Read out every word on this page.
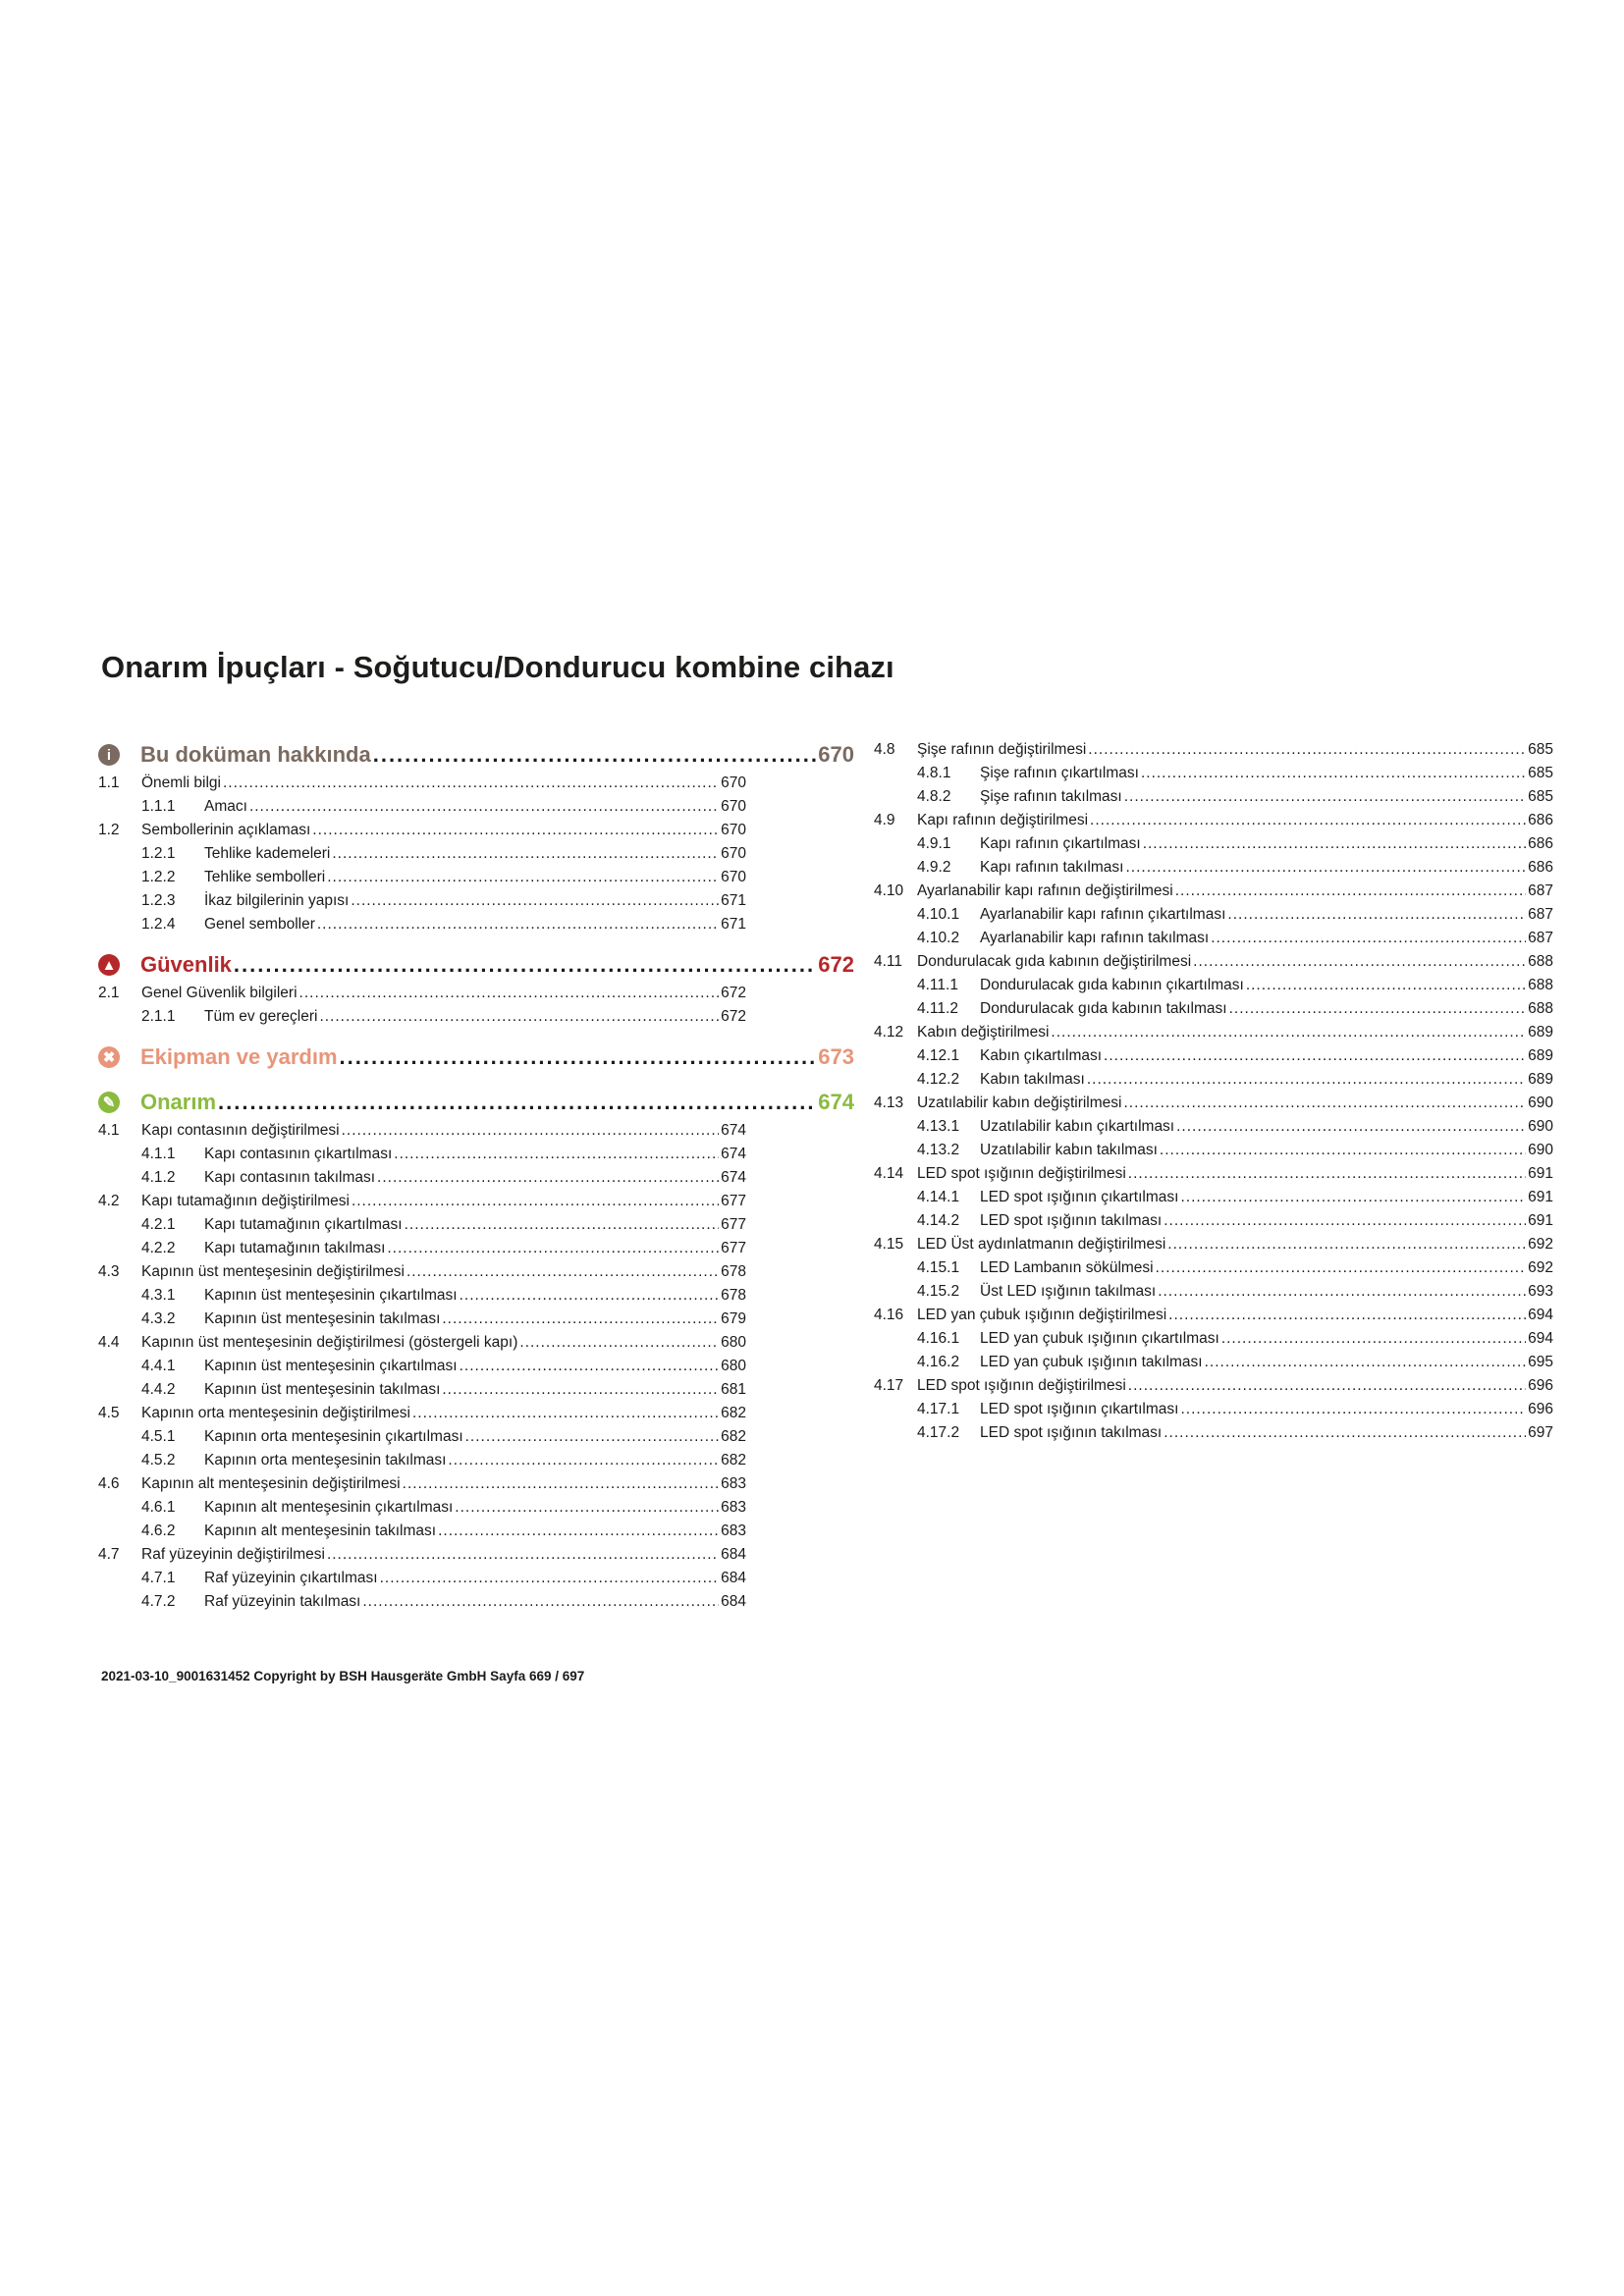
Onarım İpuçları - Soğutucu/Dondurucu kombine cihazı
i	Bu doküman hakkında .....	670
1.1	Önemli bilgi .....	670
1.1.1	Amacı .....	670
1.2	Sembollerinin açıklaması .....	670
1.2.1	Tehlike kademeleri .....	670
1.2.2	Tehlike sembolleri .....	670
1.2.3	İkaz bilgilerinin yapısı .....	671
1.2.4	Genel semboller .....	671
▲ Güvenlik .....	672
2.1	Genel Güvenlik bilgileri .....	672
2.1.1	Tüm ev gereçleri .....	672
✖ Ekipman ve yardım .....	673
✎ Onarım .....	674
4.1	Kapı contasının değiştirilmesi .....	674
4.1.1	Kapı contasının çıkartılması .....	674
4.1.2	Kapı contasının takılması .....	674
4.2	Kapı tutamağının değiştirilmesi .....	677
4.2.1	Kapı tutamağının çıkartılması .....	677
4.2.2	Kapı tutamağının takılması .....	677
4.3	Kapının üst menteşesinin değiştirilmesi .....	678
4.3.1	Kapının üst menteşesinin çıkartılması .....	678
4.3.2	Kapının üst menteşesinin takılması .....	679
4.4	Kapının üst menteşesinin değiştirilmesi (göstergeli kapı) .....	680
4.4.1	Kapının üst menteşesinin çıkartılması .....	680
4.4.2	Kapının üst menteşesinin takılması .....	681
4.5	Kapının orta menteşesinin değiştirilmesi .....	682
4.5.1	Kapının orta menteşesinin çıkartılması .....	682
4.5.2	Kapının orta menteşesinin takılması .....	682
4.6	Kapının alt menteşesinin değiştirilmesi .....	683
4.6.1	Kapının alt menteşesinin çıkartılması .....	683
4.6.2	Kapının alt menteşesinin takılması .....	683
4.7	Raf yüzeyinin değiştirilmesi .....	684
4.7.1	Raf yüzeyinin çıkartılması .....	684
4.7.2	Raf yüzeyinin takılması .....	684
4.8	Şişe rafının değiştirilmesi .....	685
4.8.1	Şişe rafının çıkartılması .....	685
4.8.2	Şişe rafının takılması .....	685
4.9	Kapı rafının değiştirilmesi .....	686
4.9.1	Kapı rafının çıkartılması .....	686
4.9.2	Kapı rafının takılması .....	686
4.10 Ayarlanabilir kapı rafının değiştirilmesi .....	687
4.10.1	Ayarlanabilir kapı rafının çıkartılması .....	687
4.10.2	Ayarlanabilir kapı rafının takılması .....	687
4.11 Dondurulacak gıda kabının değiştirilmesi .....	688
4.11.1	Dondurulacak gıda kabının çıkartılması .....	688
4.11.2	Dondurulacak gıda kabının takılması .....	688
4.12 Kabın değiştirilmesi .....	689
4.12.1	Kabın çıkartılması .....	689
4.12.2	Kabın takılması .....	689
4.13 Uzatılabilir kabın değiştirilmesi .....	690
4.13.1	Uzatılabilir kabın çıkartılması .....	690
4.13.2	Uzatılabilir kabın takılması .....	690
4.14 LED spot ışığının değiştirilmesi .....	691
4.14.1	LED spot ışığının çıkartılması .....	691
4.14.2	LED spot ışığının takılması .....	691
4.15 LED Üst aydınlatmanın değiştirilmesi .....	692
4.15.1	LED Lambanın sökülmesi .....	692
4.15.2	Üst LED ışığının takılması .....	693
4.16 LED yan çubuk ışığının değiştirilmesi .....	694
4.16.1	LED yan çubuk ışığının çıkartılması .....	694
4.16.2	LED yan çubuk ışığının takılması .....	695
4.17 LED spot ışığının değiştirilmesi .....	696
4.17.1	LED spot ışığının çıkartılması .....	696
4.17.2	LED spot ışığının takılması .....	697
2021-03-10_9001631452 Copyright by BSH Hausgeräte GmbH Sayfa 669 / 697
